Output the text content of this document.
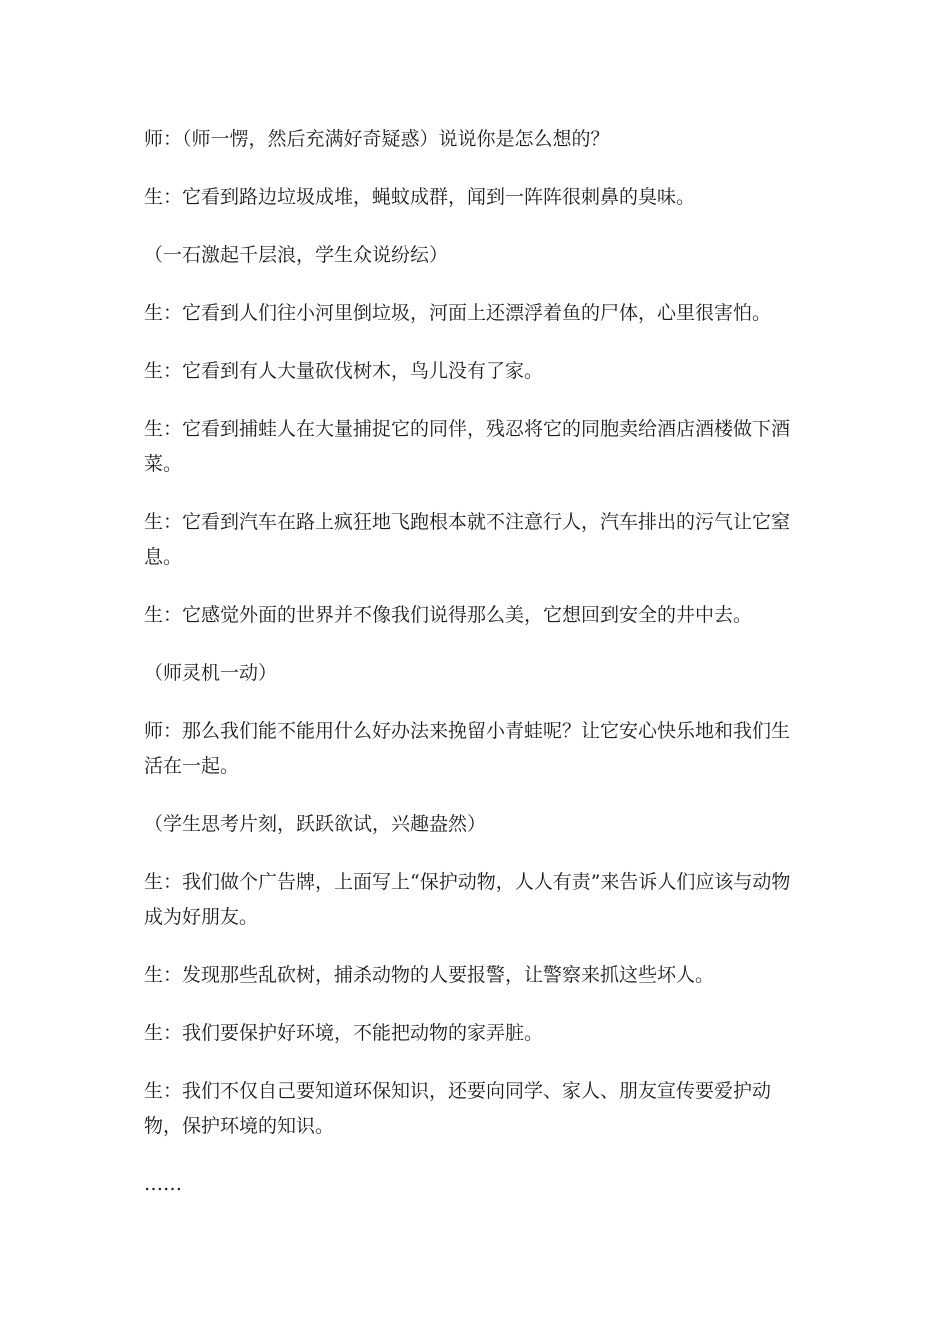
师：（师一愣，然后充满好奇疑惑）说说你是怎么想的？

生：它看到路边垃圾成堆，蝇蚊成群，闻到一阵阵很刺鼻的臭味。

（一石激起千层浪，学生众说纷纭）

生：它看到人们往小河里倒垃圾，河面上还漂浮着鱼的尸体，心里很害怕。

生：它看到有人大量砍伐树木，鸟儿没有了家。

生：它看到捕蛙人在大量捕捉它的同伴，残忍将它的同胞卖给酒店酒楼做下酒菜。

生：它看到汽车在路上疯狂地飞跑根本就不注意行人，汽车排出的污气让它窒息。

生：它感觉外面的世界并不像我们说得那么美，它想回到安全的井中去。

（师灵机一动）

师：那么我们能不能用什么好办法来挽留小青蛙呢？让它安心快乐地和我们生活在一起。

（学生思考片刻，跃跃欲试，兴趣盎然）

生：我们做个广告牌，上面写上“保护动物，人人有责”来告诉人们应该与动物成为好朋友。

生：发现那些乱砍树，捕杀动物的人要报警，让警察来抓这些坏人。

生：我们要保护好环境，不能把动物的家弄脏。

生：我们不仅自己要知道环保知识，还要向同学、家人、朋友宣传要爱护动物，保护环境的知识。

……
